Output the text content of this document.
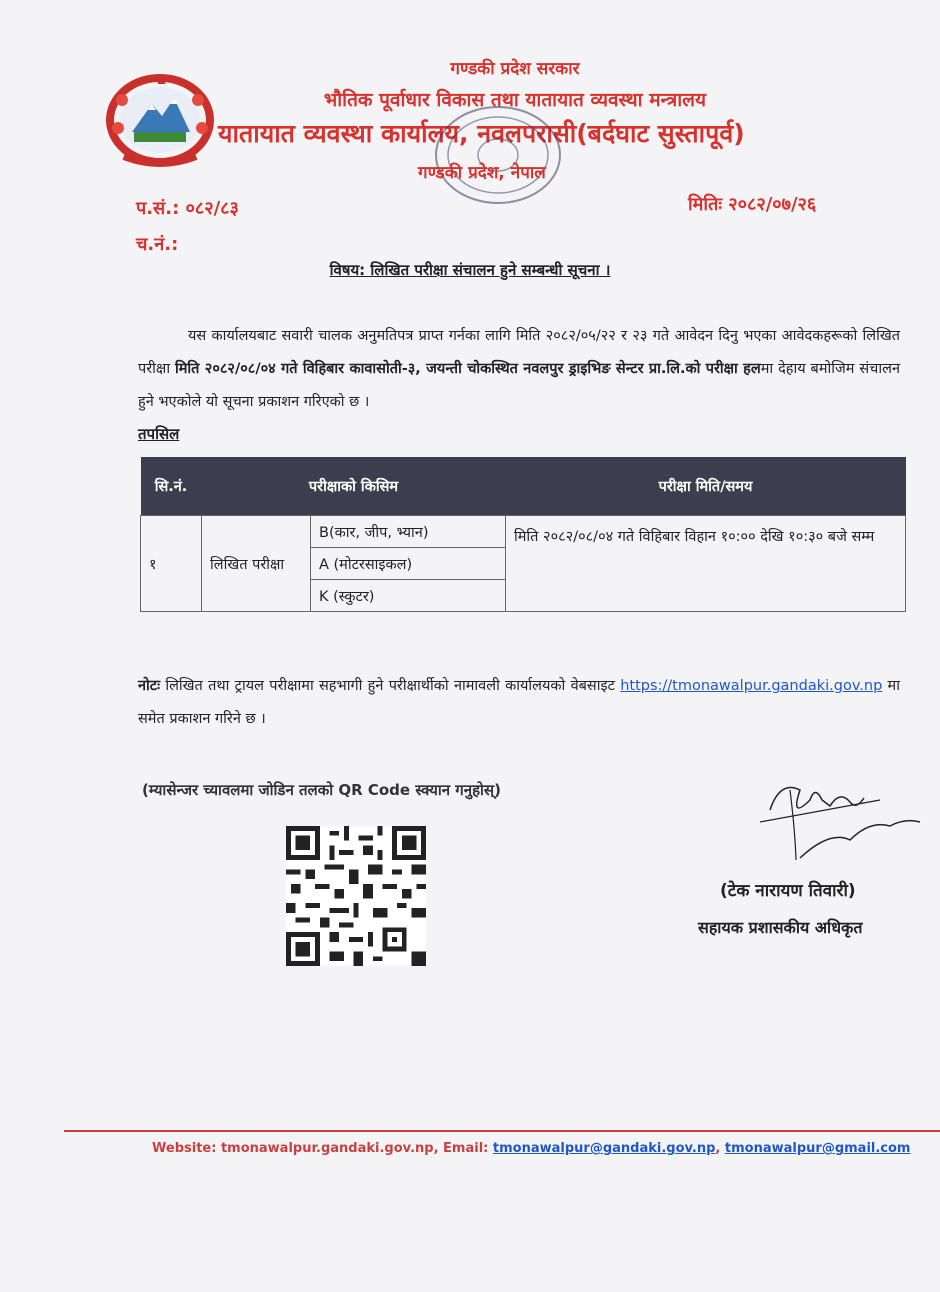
गण्डकी प्रदेश सरकार
भौतिक पूर्वाधार विकास तथा यातायात व्यवस्था मन्त्रालय
यातायात व्यवस्था कार्यालय, नवलपरासी(बर्दघाट सुस्तापूर्व)
गण्डकी प्रदेश, नेपाल
प.सं.: ०८२/८३
च.नं.:
मितिः २०८२/०७/२६
विषय: लिखित परीक्षा संचालन हुने सम्बन्धी सूचना ।
यस कार्यालयबाट सवारी चालक अनुमतिपत्र प्राप्त गर्नका लागि मिति २०८२/०५/२२ र २३ गते आवेदन दिनु भएका आवेदकहरूको लिखित परीक्षा मिति २०८२/०८/०४ गते विहिबार कावासोती-३, जयन्ती चोकस्थित नवलपुर ड्राइभिङ सेन्टर प्रा.लि.को परीक्षा हलमा देहाय बमोजिम संचालन हुने भएकोले यो सूचना प्रकाशन गरिएको छ ।
तपसिल
सि.नं.	परीक्षाको किसिम		परीक्षा मिति/समय
१	लिखित परीक्षा	B(कार, जीप, भ्यान)	मिति २०८२/०८/०४ गते विहिबार विहान १०:०० देखि १०:३० बजे सम्म
		A (मोटरसाइकल)	
		K (स्कुटर)	
नोटः लिखित तथा ट्रायल परीक्षामा सहभागी हुने परीक्षार्थीको नामावली कार्यालयको वेबसाइट https://tmonawalpur.gandaki.gov.np मा समेत प्रकाशन गरिने छ ।
(म्यासेन्जर च्यावलमा जोडिन तलको QR Code स्क्यान गनुहोस्)
(टेक नारायण तिवारी)
सहायक प्रशासकीय अधिकृत
Website: tmonawalpur.gandaki.gov.np, Email: tmonawalpur@gandaki.gov.np, tmonawalpur@gmail.com
